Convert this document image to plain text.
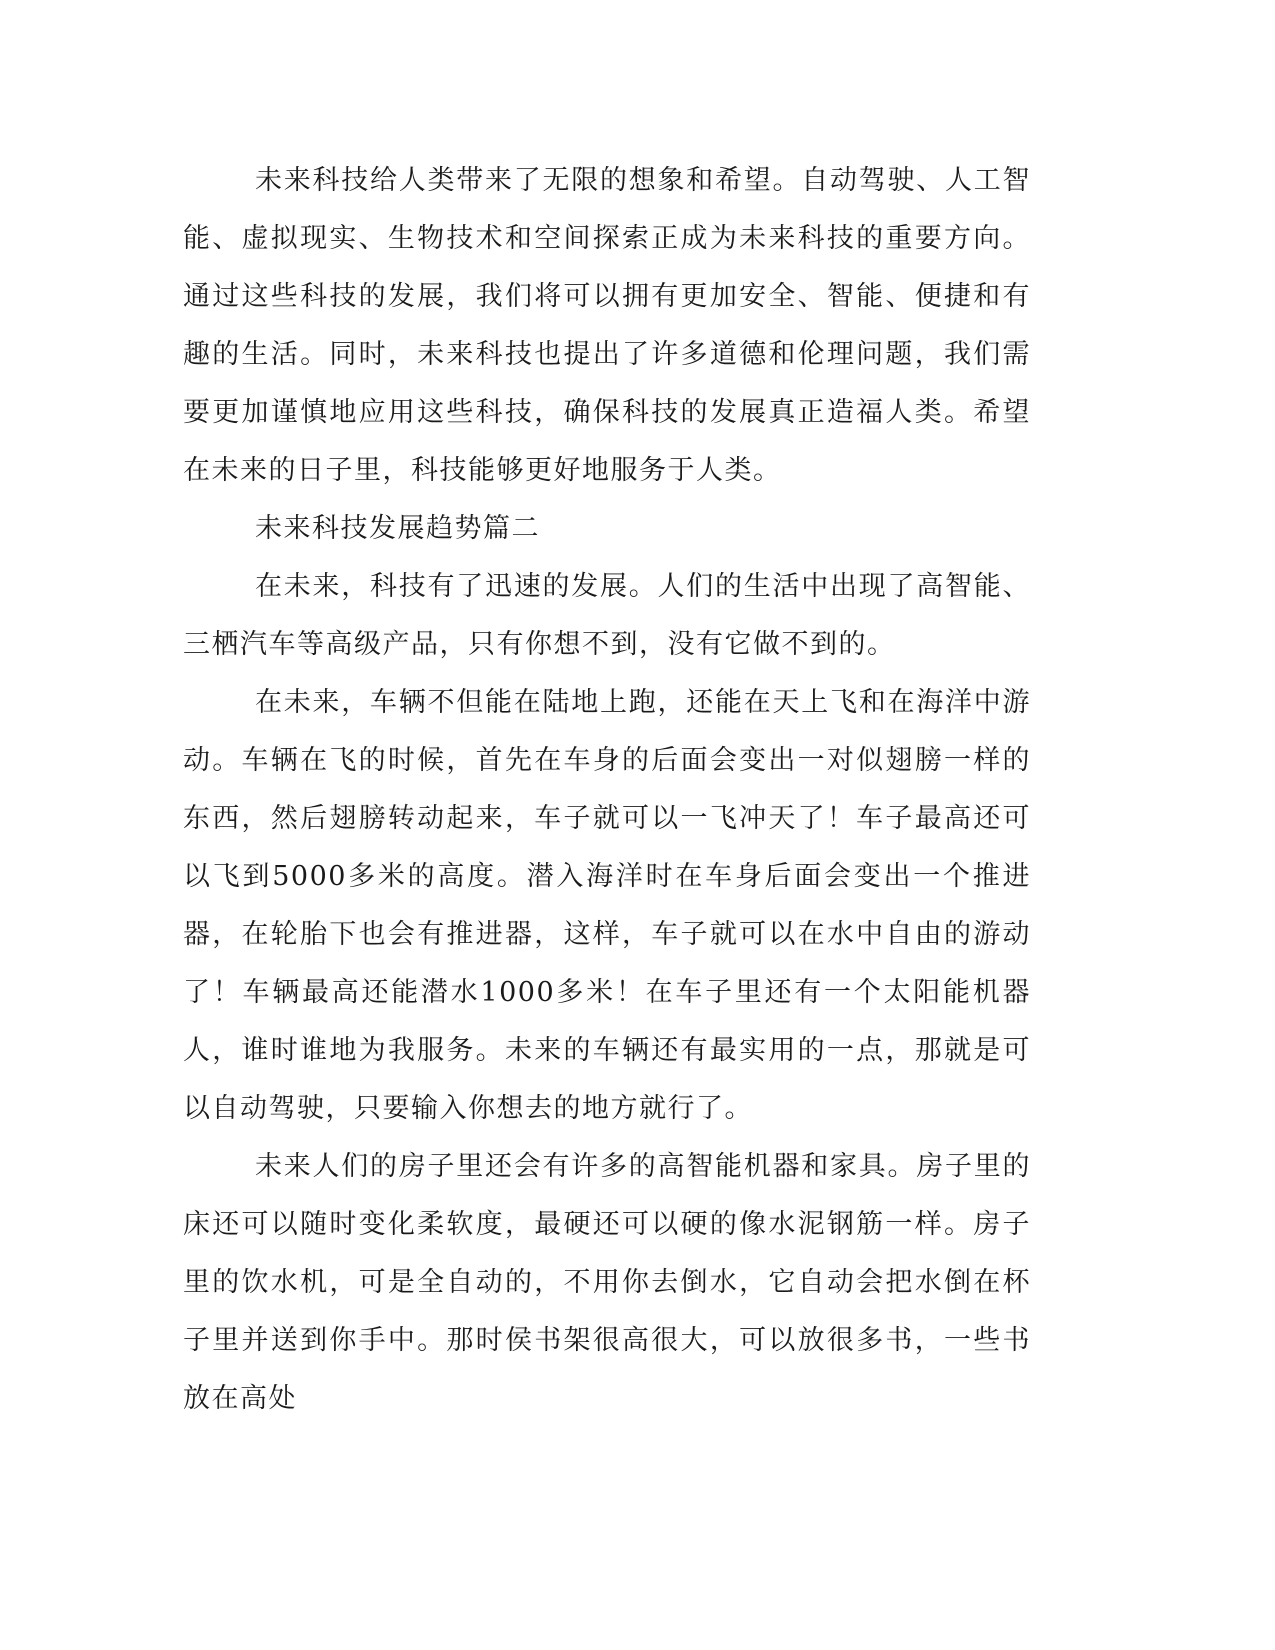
未来科技给人类带来了无限的想象和希望。自动驾驶、人工智能、虚拟现实、生物技术和空间探索正成为未来科技的重要方向。通过这些科技的发展，我们将可以拥有更加安全、智能、便捷和有趣的生活。同时，未来科技也提出了许多道德和伦理问题，我们需要更加谨慎地应用这些科技，确保科技的发展真正造福人类。希望在未来的日子里，科技能够更好地服务于人类。

未来科技发展趋势篇二

在未来，科技有了迅速的发展。人们的生活中出现了高智能、三栖汽车等高级产品，只有你想不到，没有它做不到的。

在未来，车辆不但能在陆地上跑，还能在天上飞和在海洋中游动。车辆在飞的时候，首先在车身的后面会变出一对似翅膀一样的东西，然后翅膀转动起来，车子就可以一飞冲天了！车子最高还可以飞到5000多米的高度。潜入海洋时在车身后面会变出一个推进器，在轮胎下也会有推进器，这样，车子就可以在水中自由的游动了！车辆最高还能潜水1000多米！在车子里还有一个太阳能机器人，谁时谁地为我服务。未来的车辆还有最实用的一点，那就是可以自动驾驶，只要输入你想去的地方就行了。

未来人们的房子里还会有许多的高智能机器和家具。房子里的床还可以随时变化柔软度，最硬还可以硬的像水泥钢筋一样。房子里的饮水机，可是全自动的，不用你去倒水，它自动会把水倒在杯子里并送到你手中。那时侯书架很高很大，可以放很多书，一些书放在高处
